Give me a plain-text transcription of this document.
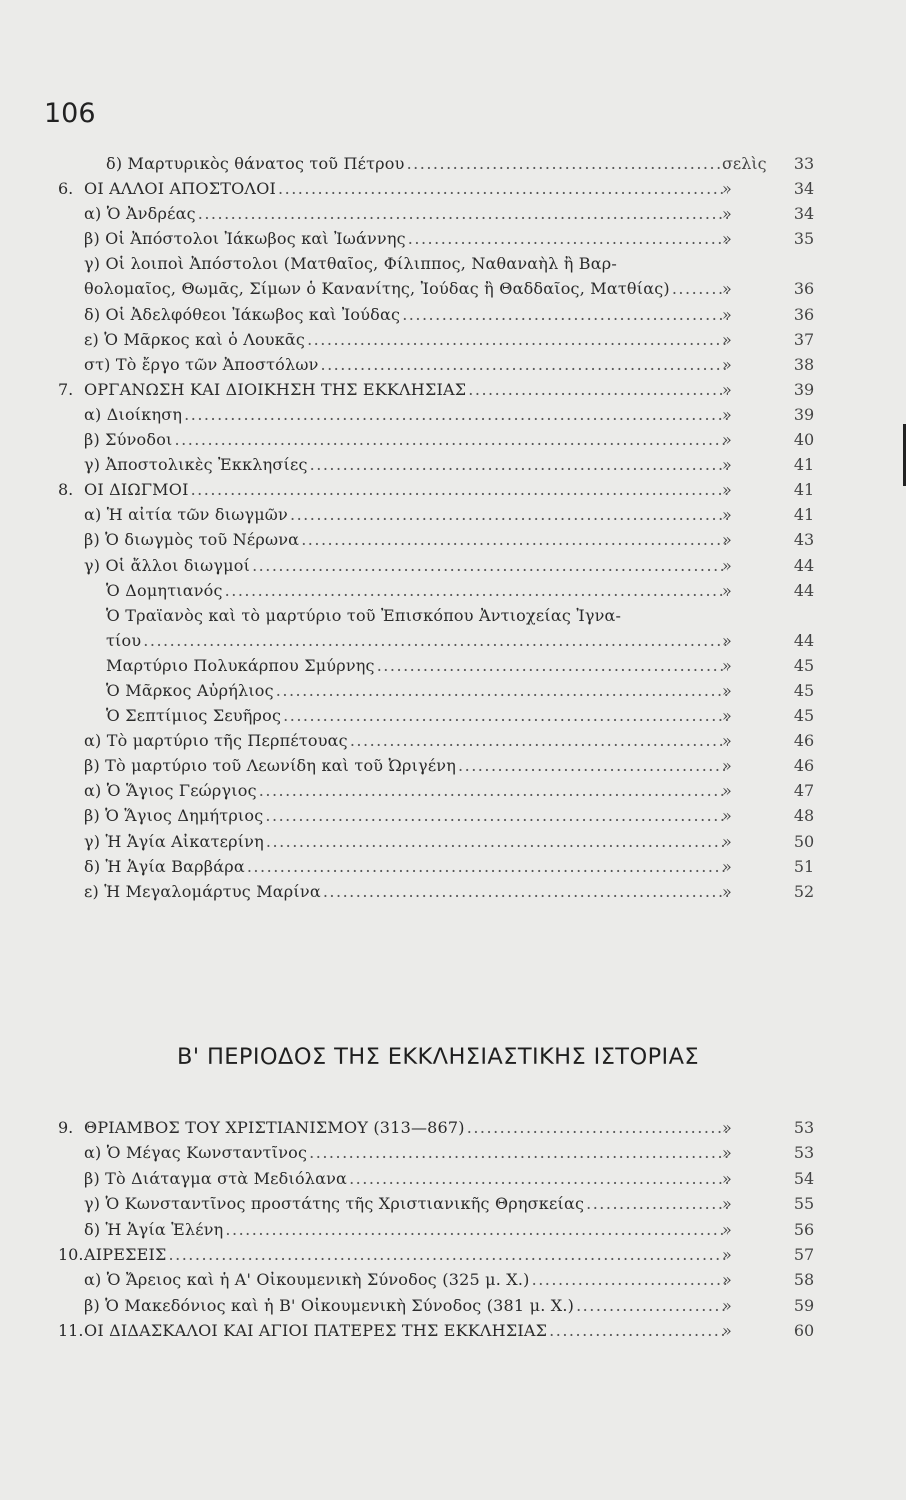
106
δ) Μαρτυρικὸς θάνατος τοῦ Πέτρου .....	σελὶς	33
6. ΟΙ ΑΛΛΟΙ ΑΠΟΣΤΟΛΟΙ .....	»	34
α) Ὁ Ἀνδρέας .....	»	34
β) Οἱ Ἀπόστολοι Ἰάκωβος καὶ Ἰωάννης .....	»	35
γ) Οἱ λοιποὶ Ἀπόστολοι (Ματθαῖος, Φίλιππος, Ναθαναὴλ ἢ Βαρ-
θολομαῖος, Θωμᾶς, Σίμων ὁ Κανανίτης, Ἰούδας ἢ Θαδδαῖος, Ματθίας) .....	»	36
δ) Οἱ Ἀδελφόθεοι Ἰάκωβος καὶ Ἰούδας .....	»	36
ε) Ὁ Μᾶρκος καὶ ὁ Λουκᾶς .....	»	37
στ) Τὸ ἔργο τῶν Ἀποστόλων .....	»	38
7. ΟΡΓΑΝΩΣΗ ΚΑΙ ΔΙΟΙΚΗΣΗ ΤΗΣ ΕΚΚΛΗΣΙΑΣ .....	»	39
α) Διοίκηση .....	»	39
β) Σύνοδοι .....	»	40
γ) Ἀποστολικὲς Ἐκκλησίες .....	»	41
8. ΟΙ ΔΙΩΓΜΟΙ .....	»	41
α) Ἡ αἰτία τῶν διωγμῶν .....	»	41
β) Ὁ διωγμὸς τοῦ Νέρωνα .....	»	43
γ) Οἱ ἄλλοι διωγμοί .....	»	44
Ὁ Δομητιανός .....	»	44
Ὁ Τραϊανὸς καὶ τὸ μαρτύριο τοῦ Ἐπισκόπου Ἀντιοχείας Ἰγνα-
τίου .....	»	44
Μαρτύριο Πολυκάρπου Σμύρνης .....	»	45
Ὁ Μᾶρκος Αὐρήλιος .....	»	45
Ὁ Σεπτίμιος Σευῆρος .....	»	45
α) Τὸ μαρτύριο τῆς Περπέτουας .....	»	46
β) Τὸ μαρτύριο τοῦ Λεωνίδη καὶ τοῦ Ὠριγένη .....	»	46
α) Ὁ Ἅγιος Γεώργιος .....	»	47
β) Ὁ Ἅγιος Δημήτριος .....	»	48
γ) Ἡ Ἁγία Αἰκατερίνη .....	»	50
δ) Ἡ Ἁγία Βαρβάρα .....	»	51
ε) Ἡ Μεγαλομάρτυς Μαρίνα .....	»	52
Β' ΠΕΡΙΟΔΟΣ ΤΗΣ ΕΚΚΛΗΣΙΑΣΤΙΚΗΣ ΙΣΤΟΡΙΑΣ
9. ΘΡΙΑΜΒΟΣ ΤΟΥ ΧΡΙΣΤΙΑΝΙΣΜΟΥ (313—867) .....	»	53
α) Ὁ Μέγας Κωνσταντῖνος .....	»	53
β) Τὸ Διάταγμα στὰ Μεδιόλανα .....	»	54
γ) Ὁ Κωνσταντῖνος προστάτης τῆς Χριστιανικῆς Θρησκείας .....	»	55
δ) Ἡ Ἁγία Ἑλένη .....	»	56
10. ΑΙΡΕΣΕΙΣ .....	»	57
α) Ὁ Ἄρειος καὶ ἡ Α' Οἰκουμενικὴ Σύνοδος (325 μ. Χ.) .....	»	58
β) Ὁ Μακεδόνιος καὶ ἡ Β' Οἰκουμενικὴ Σύνοδος (381 μ. Χ.) .....	»	59
11. ΟΙ ΔΙΔΑΣΚΑΛΟΙ ΚΑΙ ΑΓΙΟΙ ΠΑΤΕΡΕΣ ΤΗΣ ΕΚΚΛΗΣΙΑΣ .....	»	60
